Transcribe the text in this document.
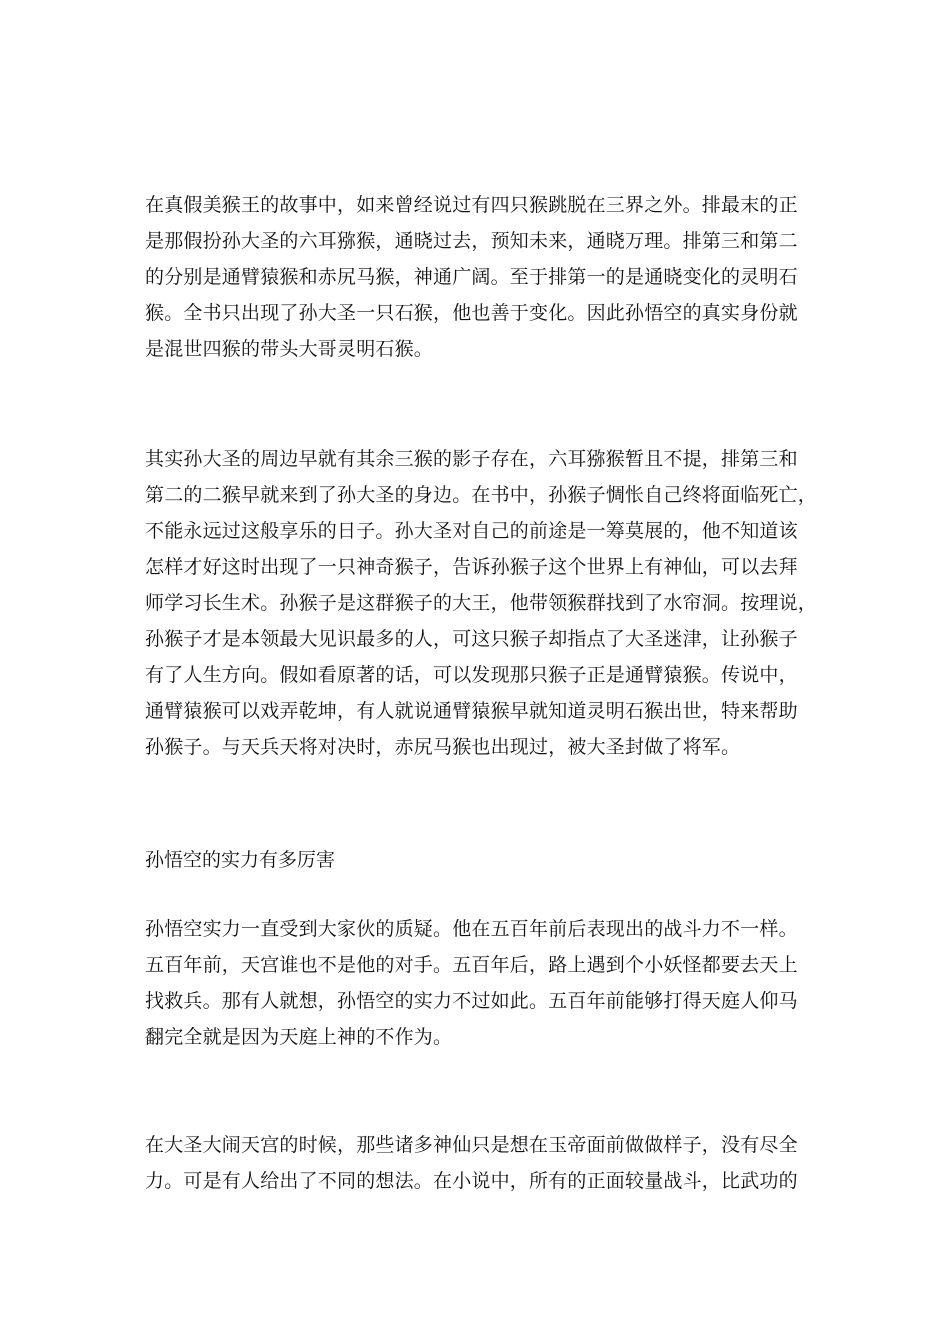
在真假美猴王的故事中，如来曾经说过有四只猴跳脱在三界之外。排最末的正
是那假扮孙大圣的六耳猕猴，通晓过去，预知未来，通晓万理。排第三和第二
的分别是通臂猿猴和赤尻马猴，神通广阔。至于排第一的是通晓变化的灵明石
猴。全书只出现了孙大圣一只石猴，他也善于变化。因此孙悟空的真实身份就
是混世四猴的带头大哥灵明石猴。

其实孙大圣的周边早就有其余三猴的影子存在，六耳猕猴暂且不提，排第三和
第二的二猴早就来到了孙大圣的身边。在书中，孙猴子惆怅自己终将面临死亡，
不能永远过这般享乐的日子。孙大圣对自己的前途是一筹莫展的，他不知道该
怎样才好这时出现了一只神奇猴子，告诉孙猴子这个世界上有神仙，可以去拜
师学习长生术。孙猴子是这群猴子的大王，他带领猴群找到了水帘洞。按理说，
孙猴子才是本领最大见识最多的人，可这只猴子却指点了大圣迷津，让孙猴子
有了人生方向。假如看原著的话，可以发现那只猴子正是通臂猿猴。传说中，
通臂猿猴可以戏弄乾坤，有人就说通臂猿猴早就知道灵明石猴出世，特来帮助
孙猴子。与天兵天将对决时，赤尻马猴也出现过，被大圣封做了将军。

孙悟空的实力有多厉害

孙悟空实力一直受到大家伙的质疑。他在五百年前后表现出的战斗力不一样。
五百年前，天宫谁也不是他的对手。五百年后，路上遇到个小妖怪都要去天上
找救兵。那有人就想，孙悟空的实力不过如此。五百年前能够打得天庭人仰马
翻完全就是因为天庭上神的不作为。

在大圣大闹天宫的时候，那些诸多神仙只是想在玉帝面前做做样子，没有尽全
力。可是有人给出了不同的想法。在小说中，所有的正面较量战斗，比武功的
